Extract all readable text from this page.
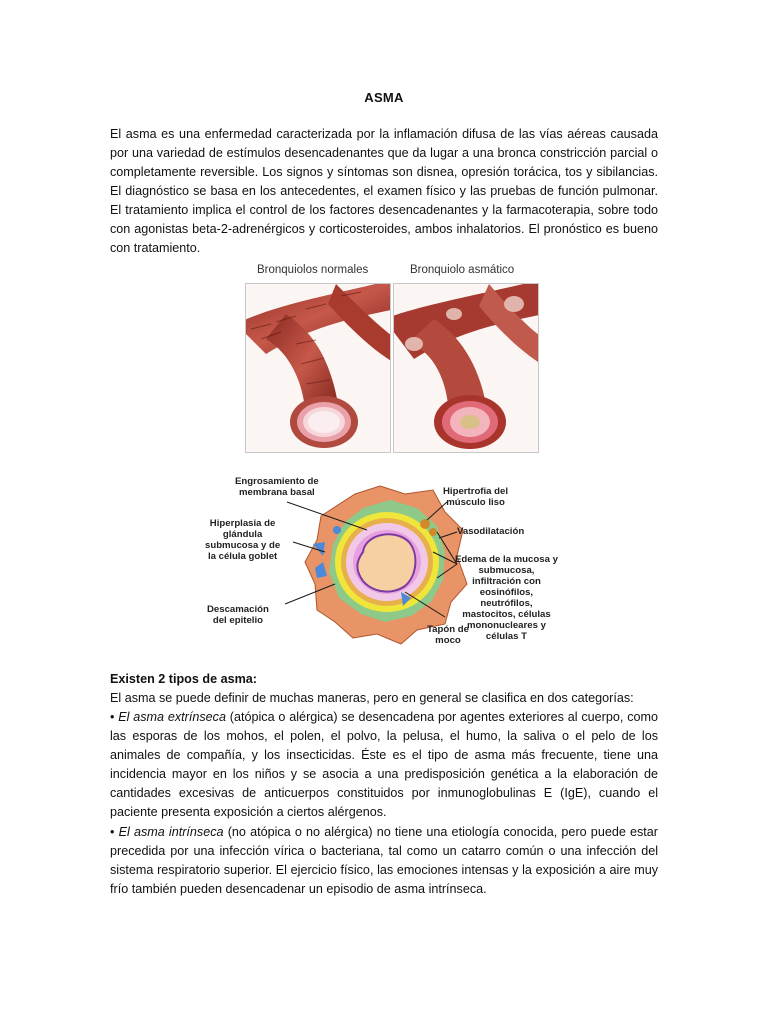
ASMA
El asma es una enfermedad caracterizada por la inflamación difusa de las vías aéreas causada por una variedad de estímulos desencadenantes que da lugar a una bronca constricción parcial o completamente reversible. Los signos y síntomas son disnea, opresión torácica, tos y sibilancias. El diagnóstico se basa en los antecedentes, el examen físico y las pruebas de función pulmonar. El tratamiento implica el control de los factores desencadenantes y la farmacoterapia, sobre todo con agonistas beta-2-adrenérgicos y corticosteroides, ambos inhalatorios. El pronóstico es bueno con tratamiento.
Bronquiolos normales	Bronquiolo asmático
Engrosamiento de
membrana basal	Hipertrofia del
músculo liso
Hiperplasia de
glándula
submucosa y de
la célula goblet
Vasodilatación
Edema de la mucosa y
submucosa,
infiltración con
eosinófilos,
neutrófilos,
mastocitos, células
mononucleares y
células T
Descamación
del epitelio
Tapón de
moco
Existen 2 tipos de asma:
El asma se puede definir de muchas maneras, pero en general se clasifica en dos categorías:
• El asma extrínseca (atópica o alérgica) se desencadena por agentes exteriores al cuerpo, como las esporas de los mohos, el polen, el polvo, la pelusa, el humo, la saliva o el pelo de los animales de compañía, y los insecticidas. Éste es el tipo de asma más frecuente, tiene una incidencia mayor en los niños y se asocia a una predisposición genética a la elaboración de cantidades excesivas de anticuerpos constituidos por inmunoglobulinas E (IgE), cuando el paciente presenta exposición a ciertos alérgenos.
• El asma intrínseca (no atópica o no alérgica) no tiene una etiología conocida, pero puede estar precedida por una infección vírica o bacteriana, tal como un catarro común o una infección del sistema respiratorio superior. El ejercicio físico, las emociones intensas y la exposición a aire muy frío también pueden desencadenar un episodio de asma intrínseca.
